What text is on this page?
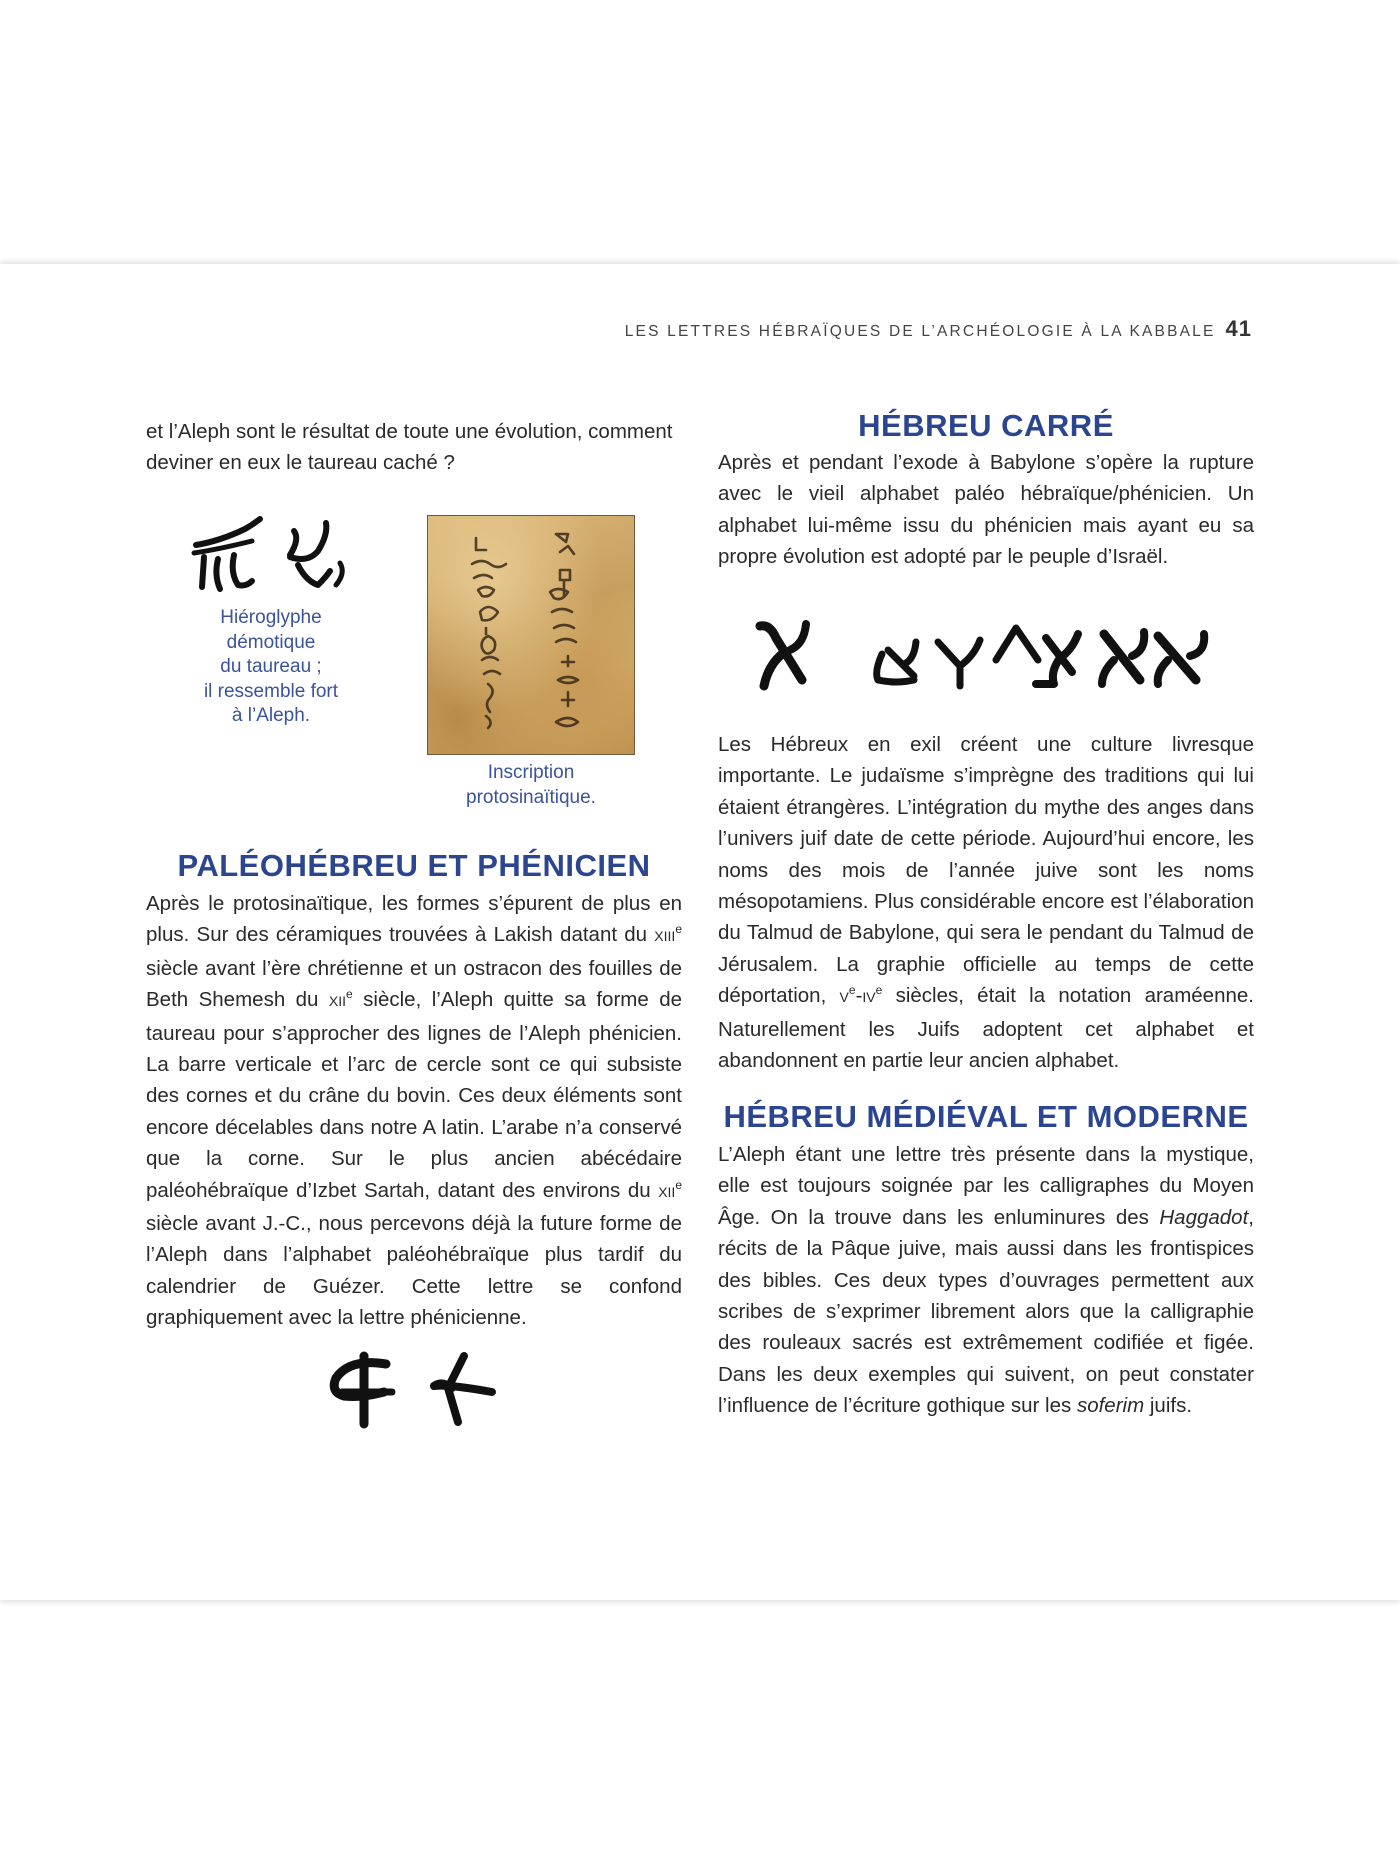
LES LETTRES HÉBRAÏQUES DE L’ARCHÉOLOGIE À LA KABBALE 41

et l’Aleph sont le résultat de toute une évolution, comment deviner en eux le taureau caché ?

Hiéroglyphe
démotique
du taureau ;
il ressemble fort
à l’Aleph.
Inscription
protosinaïtique.
PALÉOHÉBREU ET PHÉNICIEN

Après le protosinaïtique, les formes s’épurent de plus en plus. Sur des céramiques trouvées à Lakish datant du XIIIe siècle avant l’ère chrétienne et un ostracon des fouilles de Beth Shemesh du XIIe siècle, l’Aleph quitte sa forme de taureau pour s’approcher des lignes de l’Aleph phénicien. La barre verticale et l’arc de cercle sont ce qui subsiste des cornes et du crâne du bovin. Ces deux éléments sont encore décelables dans notre A latin. L’arabe n’a conservé que la corne. Sur le plus ancien abécédaire paléohébraïque d’Izbet Sartah, datant des environs du XIIe siècle avant J.-C., nous percevons déjà la future forme de l’Aleph dans l’alphabet paléohébraïque plus tardif du calendrier de Guézer. Cette lettre se confond graphiquement avec la lettre phénicienne.

HÉBREU CARRÉ

Après et pendant l’exode à Babylone s’opère la rupture avec le vieil alphabet paléo hébraïque/phénicien. Un alphabet lui-même issu du phénicien mais ayant eu sa propre évolution est adopté par le peuple d’Israël.

Les Hébreux en exil créent une culture livresque importante. Le judaïsme s’imprègne des traditions qui lui étaient étrangères. L’intégration du mythe des anges dans l’univers juif date de cette période. Aujourd’hui encore, les noms des mois de l’année juive sont les noms mésopotamiens. Plus considérable encore est l’élaboration du Talmud de Babylone, qui sera le pendant du Talmud de Jérusalem. La graphie officielle au temps de cette déportation, Ve-IVe siècles, était la notation araméenne. Naturellement les Juifs adoptent cet alphabet et abandonnent en partie leur ancien alphabet.

HÉBREU MÉDIÉVAL ET MODERNE

L’Aleph étant une lettre très présente dans la mystique, elle est toujours soignée par les calligraphes du Moyen Âge. On la trouve dans les enluminures des Haggadot, récits de la Pâque juive, mais aussi dans les frontispices des bibles. Ces deux types d’ouvrages permettent aux scribes de s’exprimer librement alors que la calligraphie des rouleaux sacrés est extrêmement codifiée et figée. Dans les deux exemples qui suivent, on peut constater l’influence de l’écriture gothique sur les soferim juifs.
